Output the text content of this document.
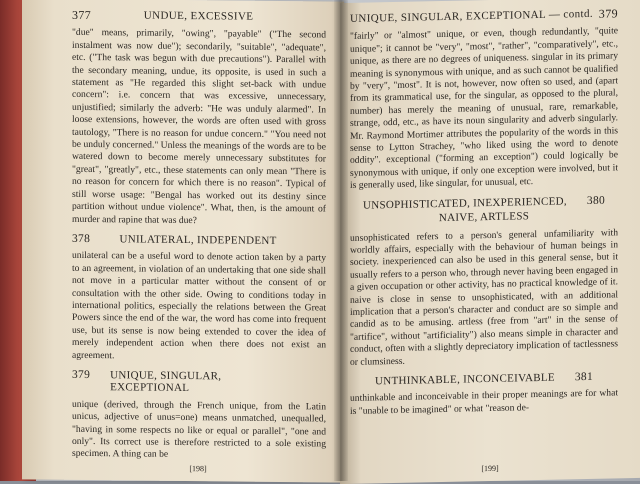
377	UNDUE, EXCESSIVE

"due" means, primarily, "owing", "payable" ("The second instalment was now due"); secondarily, "suitable", "adequate", etc. ("The task was begun with due precautions"). Parallel with the secondary meaning, undue, its opposite, is used in such a statement as "He regarded this slight set-back with undue concern": i.e. concern that was excessive, unnecessary, unjustified; similarly the adverb: "He was unduly alarmed". In loose extensions, however, the words are often used with gross tautology, "There is no reason for undue concern." "You need not be unduly concerned." Unless the meanings of the words are to be watered down to become merely unnecessary substitutes for "great", "greatly", etc., these statements can only mean "There is no reason for concern for which there is no reason". Typical of still worse usage: "Bengal has worked out its destiny since partition without undue violence". What, then, is the amount of murder and rapine that was due?

378	UNILATERAL, INDEPENDENT

unilateral can be a useful word to denote action taken by a party to an agreement, in violation of an undertaking that one side shall not move in a particular matter without the consent of or consultation with the other side. Owing to conditions today in international politics, especially the relations between the Great Powers since the end of the war, the word has come into frequent use, but its sense is now being extended to cover the idea of merely independent action when there does not exist an agreement.

379 UNIQUE, SINGULAR, EXCEPTIONAL

unique (derived, through the French unique, from the Latin unicus, adjective of unus=one) means unmatched, unequalled, "having in some respects no like or equal or parallel", "one and only". Its correct use is therefore restricted to a sole existing specimen. A thing can be

[198]
UNIQUE, SINGULAR, EXCEPTIONAL — contd. 379

"fairly" or "almost" unique, or even, though redundantly, "quite unique"; it cannot be "very", "most", "rather", "comparatively", etc., unique, as there are no degrees of uniqueness. singular in its primary meaning is synonymous with unique, and as such cannot be qualified by "very", "most". It is not, however, now often so used, and (apart from its grammatical use, for the singular, as opposed to the plural, number) has merely the meaning of unusual, rare, remarkable, strange, odd, etc., as have its noun singularity and adverb singularly. Mr. Raymond Mortimer attributes the popularity of the words in this sense to Lytton Strachey, "who liked using the word to denote oddity". exceptional ("forming an exception") could logically be synonymous with unique, if only one exception were involved, but it is generally used, like singular, for unusual, etc.

UNSOPHISTICATED, INEXPERIENCED, 380
NAIVE, ARTLESS

unsophisticated refers to a person's general unfamiliarity with worldly affairs, especially with the behaviour of human beings in society. inexperienced can also be used in this general sense, but it usually refers to a person who, through never having been engaged in a given occupation or other activity, has no practical knowledge of it. naive is close in sense to unsophisticated, with an additional implication that a person's character and conduct are so simple and candid as to be amusing. artless (free from "art" in the sense of "artifice", without "artificiality") also means simple in character and conduct, often with a slightly depreciatory implication of tactlessness or clumsiness.

UNTHINKABLE, INCONCEIVABLE 381

unthinkable and inconceivable in their proper meanings are for what is "unable to be imagined" or what "reason de-

[199]
